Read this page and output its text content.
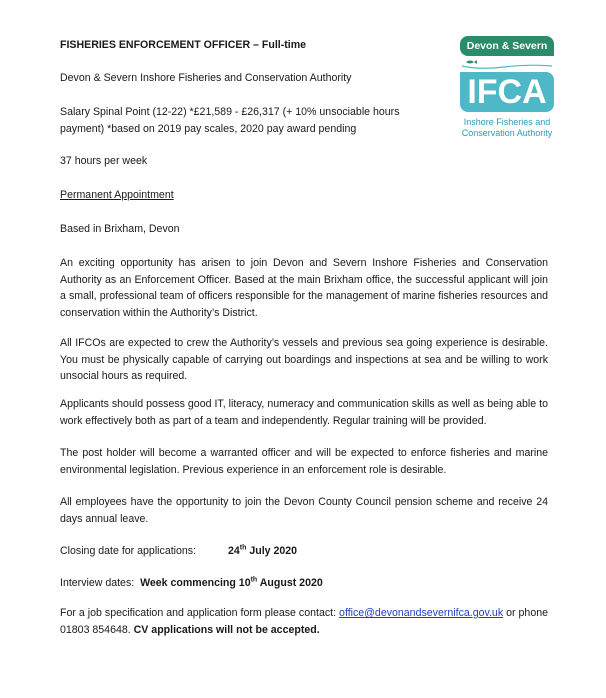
FISHERIES ENFORCEMENT OFFICER – Full-time

Devon & Severn Inshore Fisheries and Conservation Authority

Salary Spinal Point (12-22) *£21,589 - £26,317 (+ 10% unsociable hours payment) *based on 2019 pay scales, 2020 pay award pending

37 hours per week

Permanent Appointment

Based in Brixham, Devon

An exciting opportunity has arisen to join Devon and Severn Inshore Fisheries and Conservation Authority as an Enforcement Officer. Based at the main Brixham office, the successful applicant will join a small, professional team of officers responsible for the management of marine fisheries resources and conservation within the Authority’s District.

All IFCOs are expected to crew the Authority’s vessels and previous sea going experience is desirable. You must be physically capable of carrying out boardings and inspections at sea and be willing to work unsocial hours as required.

Applicants should possess good IT, literacy, numeracy and communication skills as well as being able to work effectively both as part of a team and independently. Regular training will be provided.

The post holder will become a warranted officer and will be expected to enforce fisheries and marine environmental legislation. Previous experience in an enforcement role is desirable.

All employees have the opportunity to join the Devon County Council pension scheme and receive 24 days annual leave.

Closing date for applications:	24th July 2020

Interview dates: Week commencing 10th August 2020

For a job specification and application form please contact: office@devonandsevernifca.gov.uk or phone 01803 854648. CV applications will not be accepted.

Devon & Severn
IFCA
Inshore Fisheries and
Conservation Authority
